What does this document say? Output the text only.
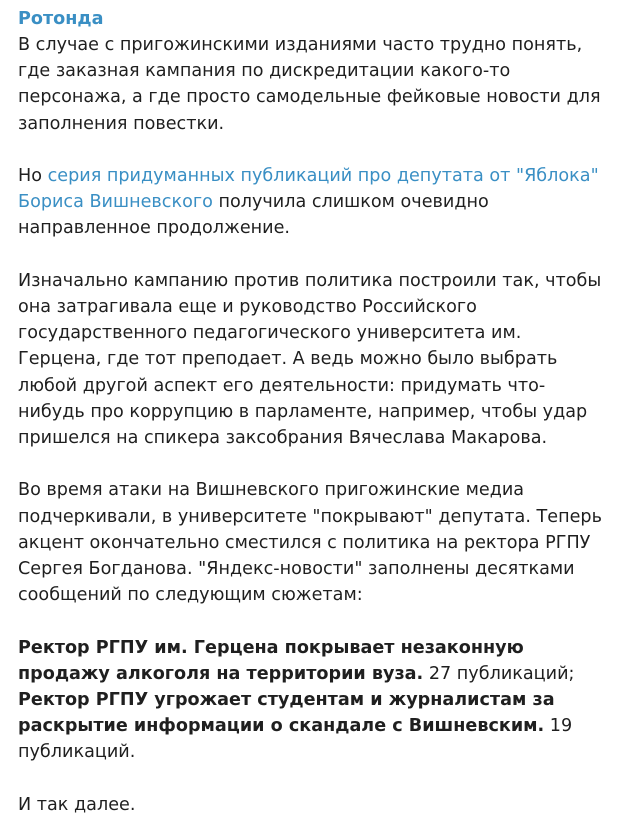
Ротонда

В случае с пригожинскими изданиями часто трудно понять, где заказная кампания по дискредитации какого-то персонажа, а где просто самодельные фейковые новости для заполнения повестки.

Но серия придуманных публикаций про депутата от "Яблока" Бориса Вишневского получила слишком очевидно направленное продолжение.

Изначально кампанию против политика построили так, чтобы она затрагивала еще и руководство Российского государственного педагогического университета им. Герцена, где тот преподает. А ведь можно было выбрать любой другой аспект его деятельности: придумать что-нибудь про коррупцию в парламенте, например, чтобы удар пришелся на спикера заксобрания Вячеслава Макарова.

Во время атаки на Вишневского пригожинские медиа подчеркивали, в университете "покрывают" депутата. Теперь акцент окончательно сместился с политика на ректора РГПУ Сергея Богданова. "Яндекс-новости" заполнены десятками сообщений по следующим сюжетам:

Ректор РГПУ им. Герцена покрывает незаконную продажу алкоголя на территории вуза. 27 публикаций;
Ректор РГПУ угрожает студентам и журналистам за раскрытие информации о скандале с Вишневским. 19 публикаций.

И так далее.
